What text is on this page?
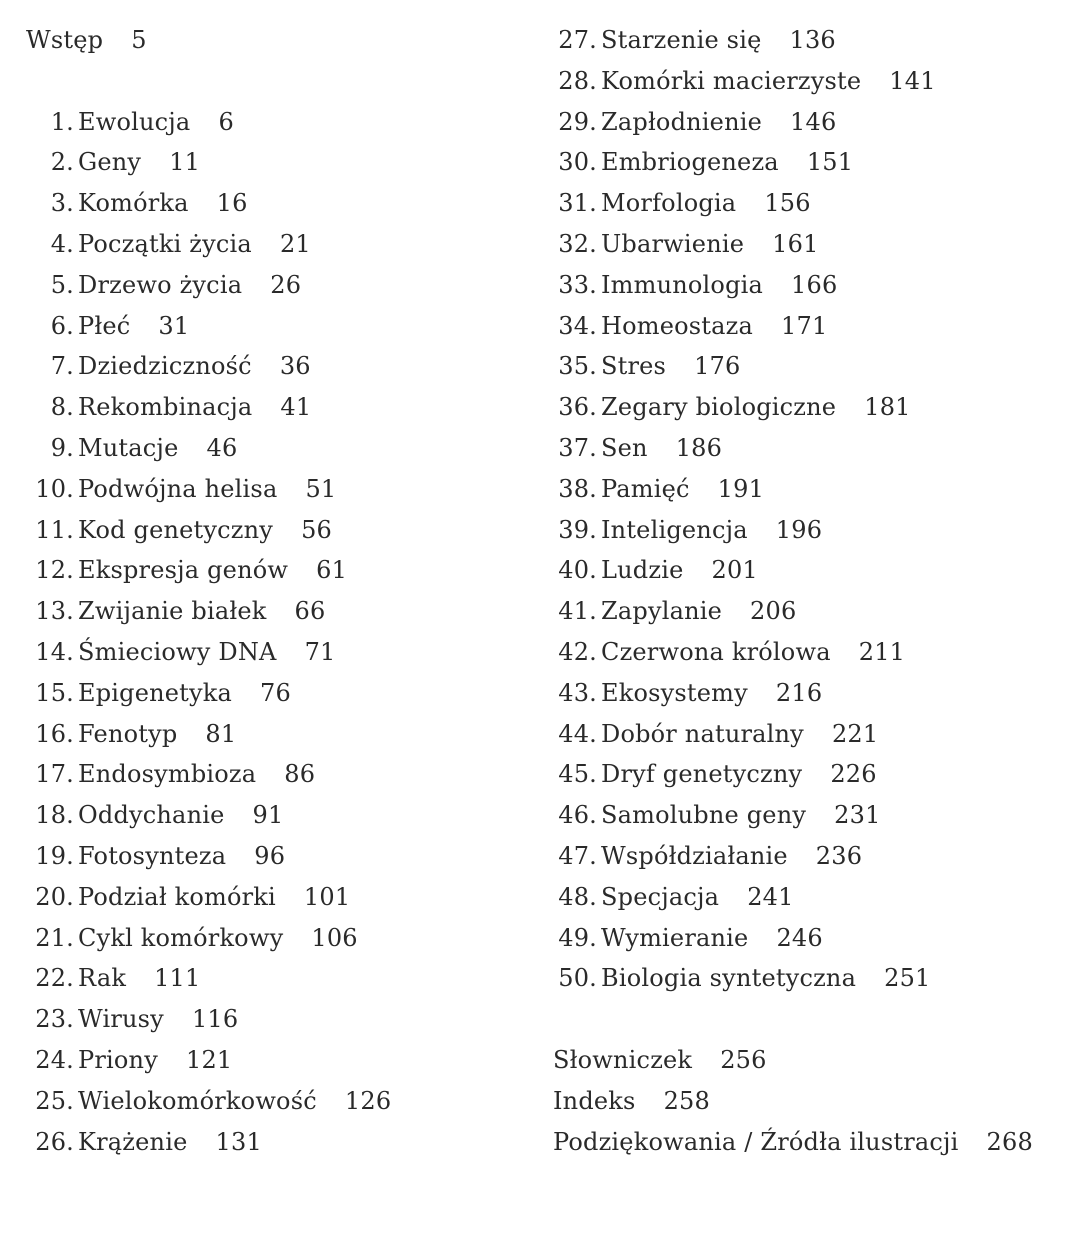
Wstęp 5
1. Ewolucja 6
2. Geny 11
3. Komórka 16
4. Początki życia 21
5. Drzewo życia 26
6. Płeć 31
7. Dziedziczność 36
8. Rekombinacja 41
9. Mutacje 46
10. Podwójna helisa 51
11. Kod genetyczny 56
12. Ekspresja genów 61
13. Zwijanie białek 66
14. Śmieciowy DNA 71
15. Epigenetyka 76
16. Fenotyp 81
17. Endosymbioza 86
18. Oddychanie 91
19. Fotosynteza 96
20. Podział komórki 101
21. Cykl komórkowy 106
22. Rak 111
23. Wirusy 116
24. Priony 121
25. Wielokomórkowość 126
26. Krążenie 131
27. Starzenie się 136
28. Komórki macierzyste 141
29. Zapłodnienie 146
30. Embriogeneza 151
31. Morfologia 156
32. Ubarwienie 161
33. Immunologia 166
34. Homeostaza 171
35. Stres 176
36. Zegary biologiczne 181
37. Sen 186
38. Pamięć 191
39. Inteligencja 196
40. Ludzie 201
41. Zapylanie 206
42. Czerwona królowa 211
43. Ekosystemy 216
44. Dobór naturalny 221
45. Dryf genetyczny 226
46. Samolubne geny 231
47. Współdziałanie 236
48. Specjacja 241
49. Wymieranie 246
50. Biologia syntetyczna 251
Słowniczek 256
Indeks 258
Podziękowania / Źródła ilustracji 268
